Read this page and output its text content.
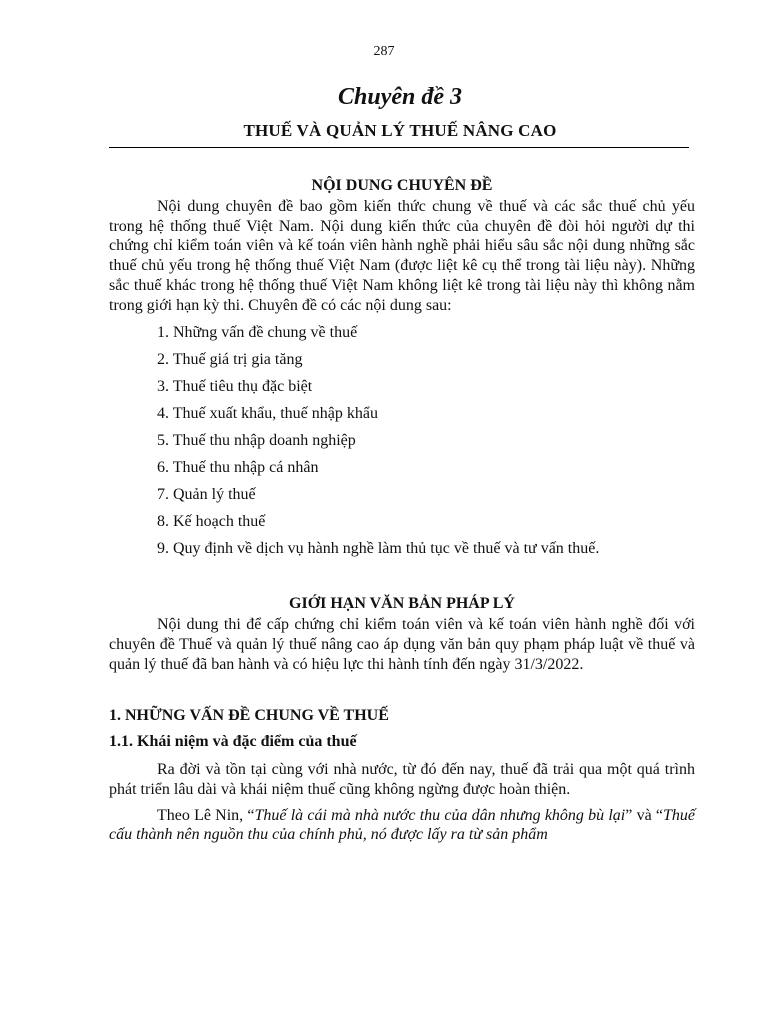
287
Chuyên đề 3
THUẾ VÀ QUẢN LÝ THUẾ NÂNG CAO
NỘI DUNG CHUYÊN ĐỀ

Nội dung chuyên đề bao gồm kiến thức chung về thuế và các sắc thuế chủ yếu trong hệ thống thuế Việt Nam. Nội dung kiến thức của chuyên đề đòi hỏi người dự thi chứng chỉ kiểm toán viên và kế toán viên hành nghề phải hiểu sâu sắc nội dung những sắc thuế chủ yếu trong hệ thống thuế Việt Nam (được liệt kê cụ thể trong tài liệu này). Những sắc thuế khác trong hệ thống thuế Việt Nam không liệt kê trong tài liệu này thì không nằm trong giới hạn kỳ thi. Chuyên đề có các nội dung sau:

1. Những vấn đề chung về thuế
2. Thuế giá trị gia tăng
3. Thuế tiêu thụ đặc biệt
4. Thuế xuất khẩu, thuế nhập khẩu
5. Thuế thu nhập doanh nghiệp
6. Thuế thu nhập cá nhân
7. Quản lý thuế
8. Kế hoạch thuế
9. Quy định về dịch vụ hành nghề làm thủ tục về thuế và tư vấn thuế.
GIỚI HẠN VĂN BẢN PHÁP LÝ

Nội dung thi để cấp chứng chỉ kiểm toán viên và kế toán viên hành nghề đối với chuyên đề Thuế và quản lý thuế nâng cao áp dụng văn bản quy phạm pháp luật về thuế và quản lý thuế đã ban hành và có hiệu lực thi hành tính đến ngày 31/3/2022.

1. NHỮNG VẤN ĐỀ CHUNG VỀ THUẾ
1.1. Khái niệm và đặc điểm của thuế

Ra đời và tồn tại cùng với nhà nước, từ đó đến nay, thuế đã trải qua một quá trình phát triển lâu dài và khái niệm thuế cũng không ngừng được hoàn thiện.

Theo Lê Nin, “Thuế là cái mà nhà nước thu của dân nhưng không bù lại” và “Thuế cấu thành nên nguồn thu của chính phủ, nó được lấy ra từ sản phẩm
